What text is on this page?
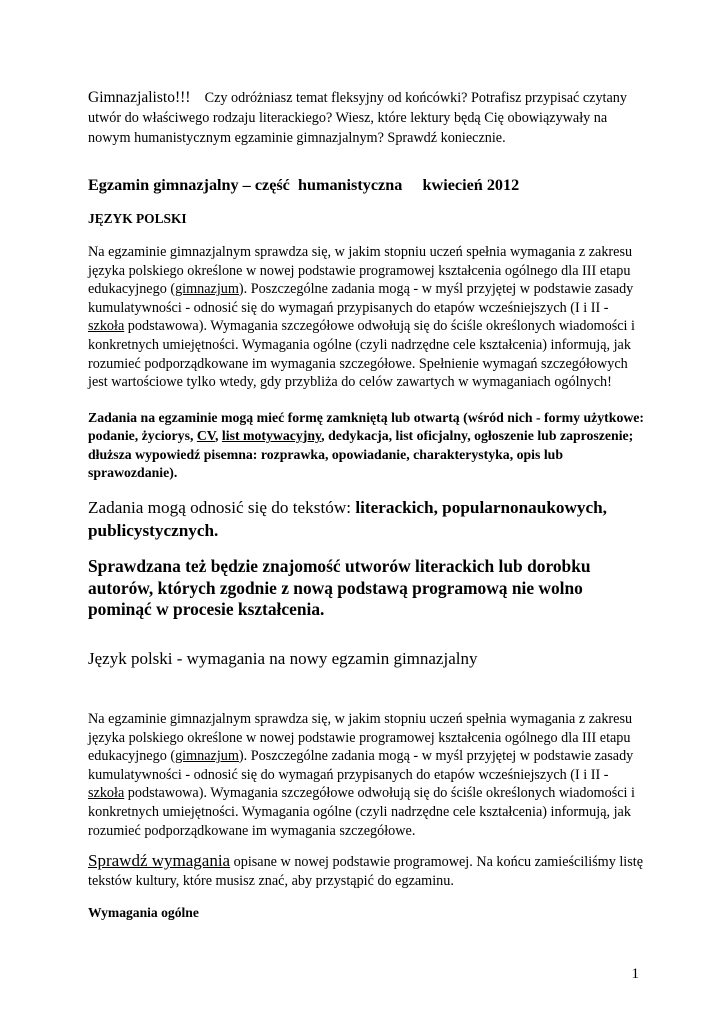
Gimnazjalisto!!! Czy odróżniasz temat fleksyjny od końcówki? Potrafisz przypisać czytany utwór do właściwego rodzaju literackiego? Wiesz, które lektury będą Cię obowiązywały na nowym humanistycznym egzaminie gimnazjalnym? Sprawdź koniecznie.

Egzamin gimnazjalny – część  humanistyczna     kwiecień 2012

JĘZYK POLSKI

Na egzaminie gimnazjalnym sprawdza się, w jakim stopniu uczeń spełnia wymagania z zakresu języka polskiego określone w nowej podstawie programowej kształcenia ogólnego dla III etapu edukacyjnego (gimnazjum). Poszczególne zadania mogą - w myśl przyjętej w podstawie zasady kumulatywności - odnosić się do wymagań przypisanych do etapów wcześniejszych (I i II - szkoła podstawowa). Wymagania szczegółowe odwołują się do ściśle określonych wiadomości i konkretnych umiejętności. Wymagania ogólne (czyli nadrzędne cele kształcenia) informują, jak rozumieć podporządkowane im wymagania szczegółowe. Spełnienie wymagań szczegółowych jest wartościowe tylko wtedy, gdy przybliża do celów zawartych w wymaganiach ogólnych!

Zadania na egzaminie mogą mieć formę zamkniętą lub otwartą (wśród nich - formy użytkowe: podanie, życiorys, CV, list motywacyjny, dedykacja, list oficjalny, ogłoszenie lub zaproszenie; dłuższa wypowiedź pisemna: rozprawka, opowiadanie, charakterystyka, opis lub sprawozdanie).

Zadania mogą odnosić się do tekstów: literackich, popularnonaukowych, publicystycznych.

Sprawdzana też będzie znajomość utworów literackich lub dorobku autorów, których zgodnie z nową podstawą programową nie wolno pominąć w procesie kształcenia.

Język polski - wymagania na nowy egzamin gimnazjalny

Na egzaminie gimnazjalnym sprawdza się, w jakim stopniu uczeń spełnia wymagania z zakresu języka polskiego określone w nowej podstawie programowej kształcenia ogólnego dla III etapu edukacyjnego (gimnazjum). Poszczególne zadania mogą - w myśl przyjętej w podstawie zasady kumulatywności - odnosić się do wymagań przypisanych do etapów wcześniejszych (I i II - szkoła podstawowa). Wymagania szczegółowe odwołują się do ściśle określonych wiadomości i konkretnych umiejętności. Wymagania ogólne (czyli nadrzędne cele kształcenia) informują, jak rozumieć podporządkowane im wymagania szczegółowe.

Sprawdź wymagania opisane w nowej podstawie programowej. Na końcu zamieściliśmy listę tekstów kultury, które musisz znać, aby przystąpić do egzaminu.

Wymagania ogólne

1
